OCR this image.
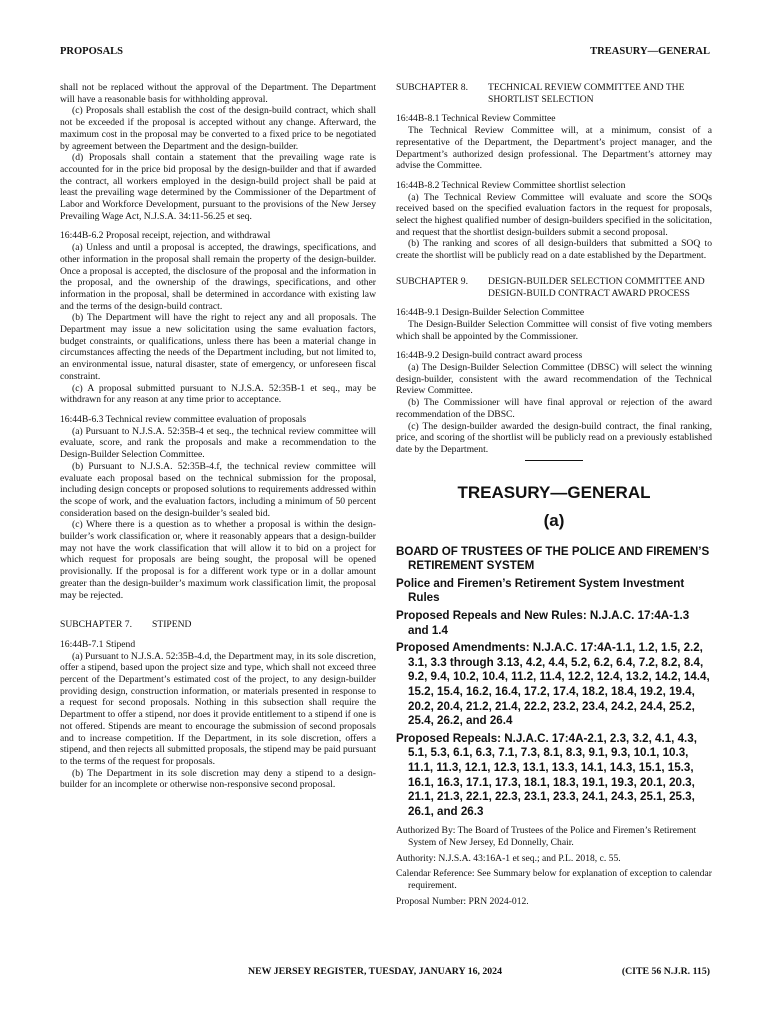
PROPOSALS	TREASURY—GENERAL

shall not be replaced without the approval of the Department. The Department will have a reasonable basis for withholding approval.

(c) Proposals shall establish the cost of the design-build contract, which shall not be exceeded if the proposal is accepted without any change. Afterward, the maximum cost in the proposal may be converted to a fixed price to be negotiated by agreement between the Department and the design-builder.

(d) Proposals shall contain a statement that the prevailing wage rate is accounted for in the price bid proposal by the design-builder and that if awarded the contract, all workers employed in the design-build project shall be paid at least the prevailing wage determined by the Commissioner of the Department of Labor and Workforce Development, pursuant to the provisions of the New Jersey Prevailing Wage Act, N.J.S.A. 34:11-56.25 et seq.

16:44B-6.2 Proposal receipt, rejection, and withdrawal

(a) Unless and until a proposal is accepted, the drawings, specifications, and other information in the proposal shall remain the property of the design-builder. Once a proposal is accepted, the disclosure of the proposal and the information in the proposal, and the ownership of the drawings, specifications, and other information in the proposal, shall be determined in accordance with existing law and the terms of the design-build contract.

(b) The Department will have the right to reject any and all proposals. The Department may issue a new solicitation using the same evaluation factors, budget constraints, or qualifications, unless there has been a material change in circumstances affecting the needs of the Department including, but not limited to, an environmental issue, natural disaster, state of emergency, or unforeseen fiscal constraint.

(c) A proposal submitted pursuant to N.J.S.A. 52:35B-1 et seq., may be withdrawn for any reason at any time prior to acceptance.

16:44B-6.3 Technical review committee evaluation of proposals

(a) Pursuant to N.J.S.A. 52:35B-4 et seq., the technical review committee will evaluate, score, and rank the proposals and make a recommendation to the Design-Builder Selection Committee.

(b) Pursuant to N.J.S.A. 52:35B-4.f, the technical review committee will evaluate each proposal based on the technical submission for the proposal, including design concepts or proposed solutions to requirements addressed within the scope of work, and the evaluation factors, including a minimum of 50 percent consideration based on the design-builder’s sealed bid.

(c) Where there is a question as to whether a proposal is within the design-builder’s work classification or, where it reasonably appears that a design-builder may not have the work classification that will allow it to bid on a project for which request for proposals are being sought, the proposal will be opened provisionally. If the proposal is for a different work type or in a dollar amount greater than the design-builder’s maximum work classification limit, the proposal may be rejected.

SUBCHAPTER 7.	STIPEND

16:44B-7.1 Stipend

(a) Pursuant to N.J.S.A. 52:35B-4.d, the Department may, in its sole discretion, offer a stipend, based upon the project size and type, which shall not exceed three percent of the Department’s estimated cost of the project, to any design-builder providing design, construction information, or materials presented in response to a request for second proposals. Nothing in this subsection shall require the Department to offer a stipend, nor does it provide entitlement to a stipend if one is not offered. Stipends are meant to encourage the submission of second proposals and to increase competition. If the Department, in its sole discretion, offers a stipend, and then rejects all submitted proposals, the stipend may be paid pursuant to the terms of the request for proposals.

(b) The Department in its sole discretion may deny a stipend to a design-builder for an incomplete or otherwise non-responsive second proposal.

SUBCHAPTER 8.	TECHNICAL REVIEW COMMITTEE AND THE SHORTLIST SELECTION

16:44B-8.1 Technical Review Committee

The Technical Review Committee will, at a minimum, consist of a representative of the Department, the Department’s project manager, and the Department’s authorized design professional. The Department’s attorney may advise the Committee.

16:44B-8.2 Technical Review Committee shortlist selection

(a) The Technical Review Committee will evaluate and score the SOQs received based on the specified evaluation factors in the request for proposals, select the highest qualified number of design-builders specified in the solicitation, and request that the shortlist design-builders submit a second proposal.

(b) The ranking and scores of all design-builders that submitted a SOQ to create the shortlist will be publicly read on a date established by the Department.

SUBCHAPTER 9.	DESIGN-BUILDER SELECTION COMMITTEE AND DESIGN-BUILD CONTRACT AWARD PROCESS

16:44B-9.1 Design-Builder Selection Committee

The Design-Builder Selection Committee will consist of five voting members which shall be appointed by the Commissioner.

16:44B-9.2 Design-build contract award process

(a) The Design-Builder Selection Committee (DBSC) will select the winning design-builder, consistent with the award recommendation of the Technical Review Committee.

(b) The Commissioner will have final approval or rejection of the award recommendation of the DBSC.

(c) The design-builder awarded the design-build contract, the final ranking, price, and scoring of the shortlist will be publicly read on a previously established date by the Department.

TREASURY—GENERAL

(a)

BOARD OF TRUSTEES OF THE POLICE AND FIREMEN’S RETIREMENT SYSTEM

Police and Firemen’s Retirement System Investment Rules

Proposed Repeals and New Rules: N.J.A.C. 17:4A-1.3 and 1.4

Proposed Amendments: N.J.A.C. 17:4A-1.1, 1.2, 1.5, 2.2, 3.1, 3.3 through 3.13, 4.2, 4.4, 5.2, 6.2, 6.4, 7.2, 8.2, 8.4, 9.2, 9.4, 10.2, 10.4, 11.2, 11.4, 12.2, 12.4, 13.2, 14.2, 14.4, 15.2, 15.4, 16.2, 16.4, 17.2, 17.4, 18.2, 18.4, 19.2, 19.4, 20.2, 20.4, 21.2, 21.4, 22.2, 23.2, 23.4, 24.2, 24.4, 25.2, 25.4, 26.2, and 26.4

Proposed Repeals: N.J.A.C. 17:4A-2.1, 2.3, 3.2, 4.1, 4.3, 5.1, 5.3, 6.1, 6.3, 7.1, 7.3, 8.1, 8.3, 9.1, 9.3, 10.1, 10.3, 11.1, 11.3, 12.1, 12.3, 13.1, 13.3, 14.1, 14.3, 15.1, 15.3, 16.1, 16.3, 17.1, 17.3, 18.1, 18.3, 19.1, 19.3, 20.1, 20.3, 21.1, 21.3, 22.1, 22.3, 23.1, 23.3, 24.1, 24.3, 25.1, 25.3, 26.1, and 26.3

Authorized By: The Board of Trustees of the Police and Firemen’s Retirement System of New Jersey, Ed Donnelly, Chair.

Authority: N.J.S.A. 43:16A-1 et seq.; and P.L. 2018, c. 55.

Calendar Reference: See Summary below for explanation of exception to calendar requirement.

Proposal Number: PRN 2024-012.

NEW JERSEY REGISTER, TUESDAY, JANUARY 16, 2024	(CITE 56 N.J.R. 115)
